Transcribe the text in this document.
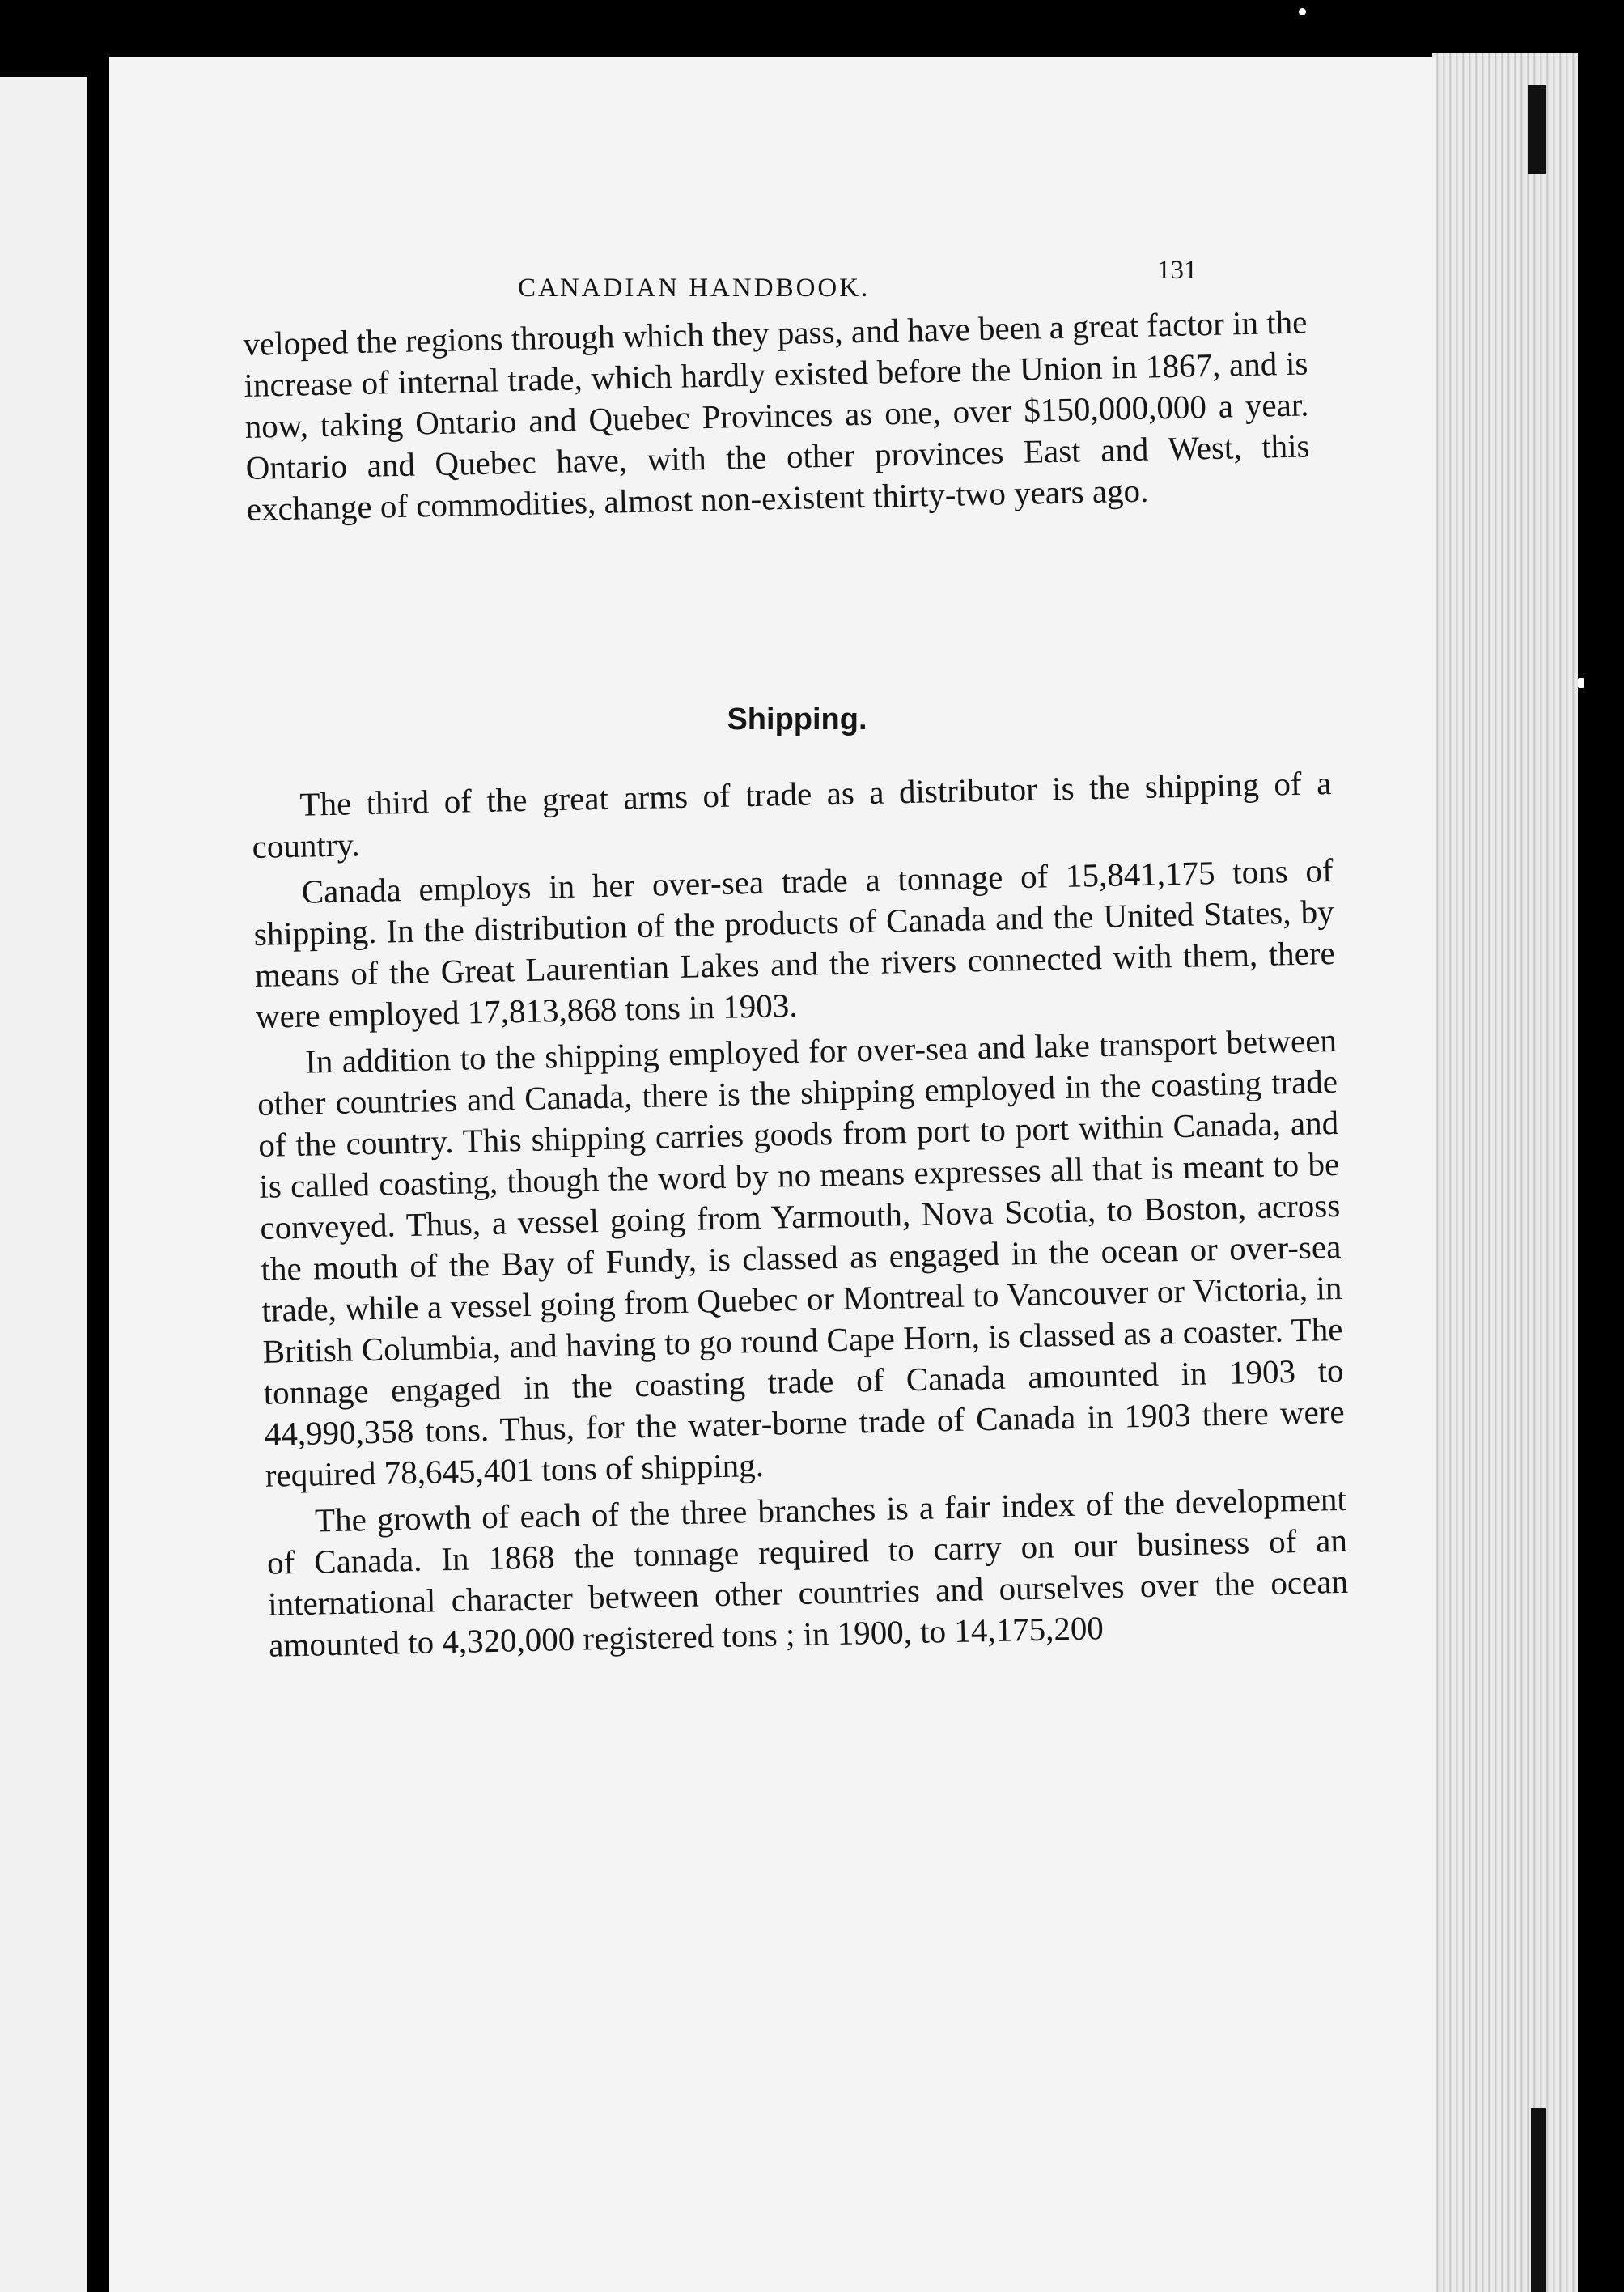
CANADIAN HANDBOOK.
131

veloped the regions through which they pass, and have been a great factor in the increase of internal trade, which hardly existed before the Union in 1867, and is now, taking Ontario and Quebec Provinces as one, over $150,000,000 a year. Ontario and Quebec have, with the other provinces East and West, this exchange of commodities, almost non-existent thirty-two years ago.

Shipping.

The third of the great arms of trade as a distributor is the shipping of a country.

Canada employs in her over-sea trade a tonnage of 15,841,175 tons of shipping. In the distribution of the products of Canada and the United States, by means of the Great Laurentian Lakes and the rivers connected with them, there were employed 17,813,868 tons in 1903.

In addition to the shipping employed for over-sea and lake transport between other countries and Canada, there is the shipping employed in the coasting trade of the country. This shipping carries goods from port to port within Canada, and is called coasting, though the word by no means expresses all that is meant to be conveyed. Thus, a vessel going from Yarmouth, Nova Scotia, to Boston, across the mouth of the Bay of Fundy, is classed as engaged in the ocean or over-sea trade, while a vessel going from Quebec or Montreal to Vancouver or Victoria, in British Columbia, and having to go round Cape Horn, is classed as a coaster. The tonnage engaged in the coasting trade of Canada amounted in 1903 to 44,990,358 tons. Thus, for the water-borne trade of Canada in 1903 there were required 78,645,401 tons of shipping.

The growth of each of the three branches is a fair index of the development of Canada. In 1868 the tonnage required to carry on our business of an international character between other countries and ourselves over the ocean amounted to 4,320,000 registered tons ; in 1900, to 14,175,200
